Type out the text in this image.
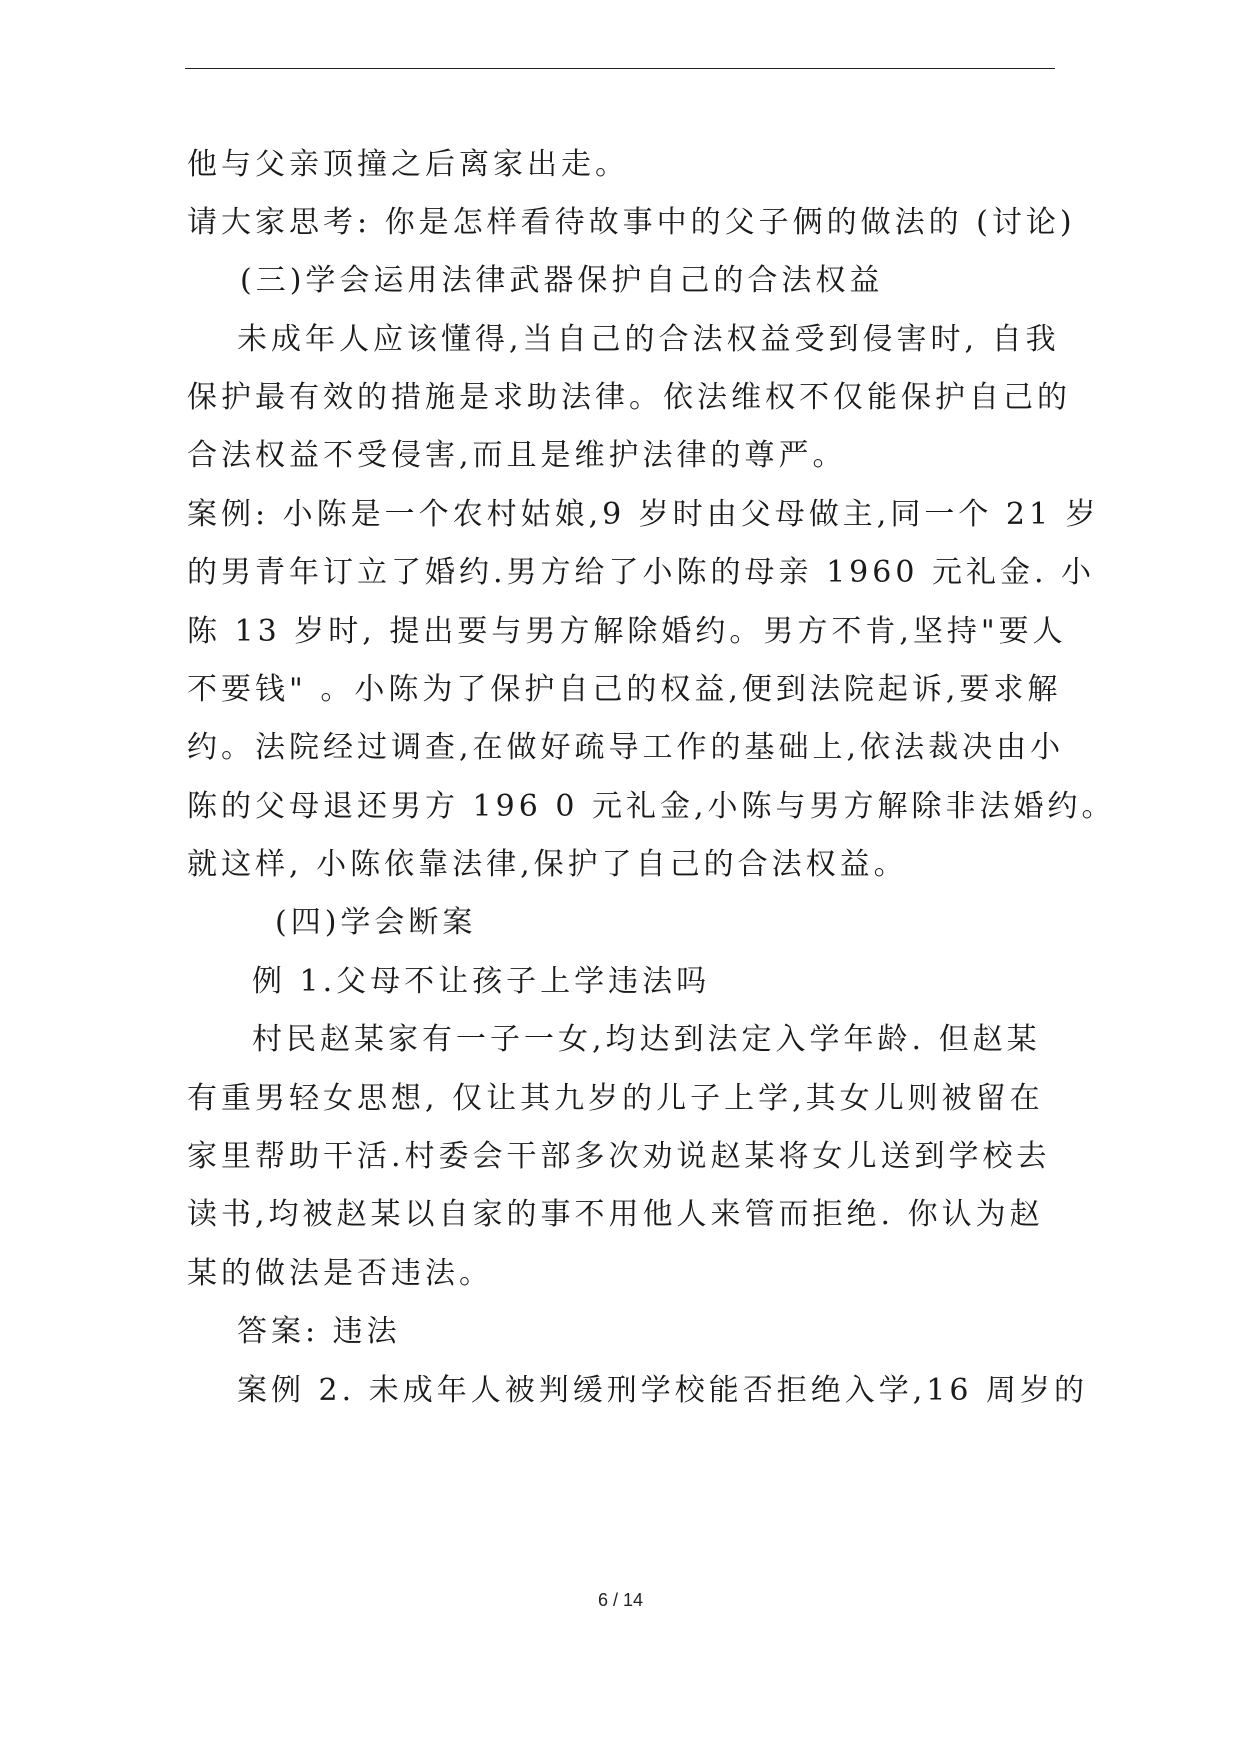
他与父亲顶撞之后离家出走。
请大家思考: 你是怎样看待故事中的父子俩的做法的 (讨论)
(三)学会运用法律武器保护自己的合法权益
未成年人应该懂得,当自己的合法权益受到侵害时, 自我
保护最有效的措施是求助法律。依法维权不仅能保护自己的
合法权益不受侵害,而且是维护法律的尊严。
案例: 小陈是一个农村姑娘,9 岁时由父母做主,同一个 21 岁
的男青年订立了婚约.男方给了小陈的母亲 1960 元礼金. 小
陈 13 岁时, 提出要与男方解除婚约。男方不肯,坚持"要人
不要钱" 。小陈为了保护自己的权益,便到法院起诉,要求解
约。法院经过调查,在做好疏导工作的基础上,依法裁决由小
陈的父母退还男方 196 0 元礼金,小陈与男方解除非法婚约。
就这样, 小陈依靠法律,保护了自己的合法权益。
(四)学会断案
例 1.父母不让孩子上学违法吗
村民赵某家有一子一女,均达到法定入学年龄. 但赵某
有重男轻女思想, 仅让其九岁的儿子上学,其女儿则被留在
家里帮助干活.村委会干部多次劝说赵某将女儿送到学校去
读书,均被赵某以自家的事不用他人来管而拒绝. 你认为赵
某的做法是否违法。
答案: 违法
案例 2. 未成年人被判缓刑学校能否拒绝入学,16 周岁的
6 / 14
